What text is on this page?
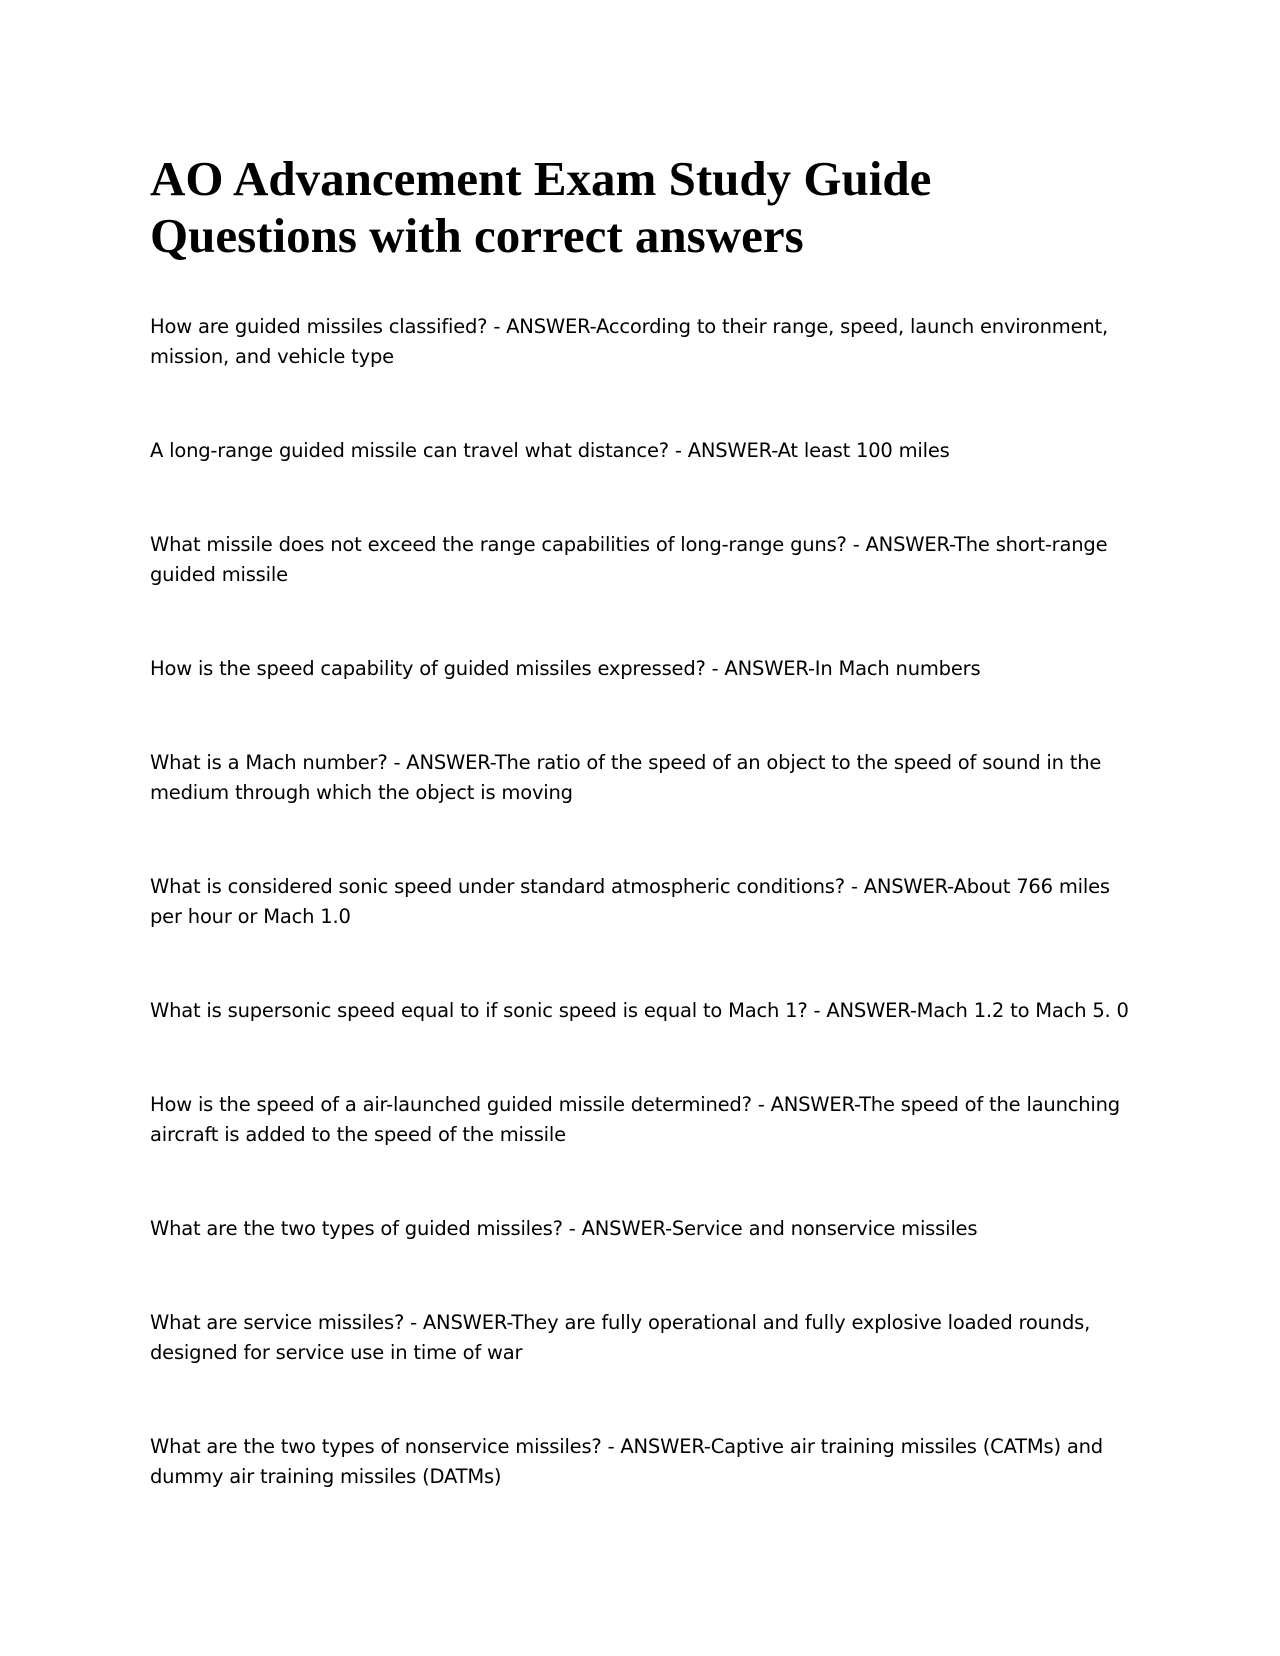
AO Advancement Exam Study Guide
Questions with correct answers

How are guided missiles classified? - ANSWER-According to their range, speed, launch environment, mission, and vehicle type

A long-range guided missile can travel what distance? - ANSWER-At least 100 miles

What missile does not exceed the range capabilities of long-range guns? - ANSWER-The short-range guided missile

How is the speed capability of guided missiles expressed? - ANSWER-In Mach numbers

What is a Mach number? - ANSWER-The ratio of the speed of an object to the speed of sound in the medium through which the object is moving

What is considered sonic speed under standard atmospheric conditions? - ANSWER-About 766 miles per hour or Mach 1.0

What is supersonic speed equal to if sonic speed is equal to Mach 1? - ANSWER-Mach 1.2 to Mach 5. 0

How is the speed of a air-launched guided missile determined? - ANSWER-The speed of the launching aircraft is added to the speed of the missile

What are the two types of guided missiles? - ANSWER-Service and nonservice missiles

What are service missiles? - ANSWER-They are fully operational and fully explosive loaded rounds, designed for service use in time of war

What are the two types of nonservice missiles? - ANSWER-Captive air training missiles (CATMs) and dummy air training missiles (DATMs)
